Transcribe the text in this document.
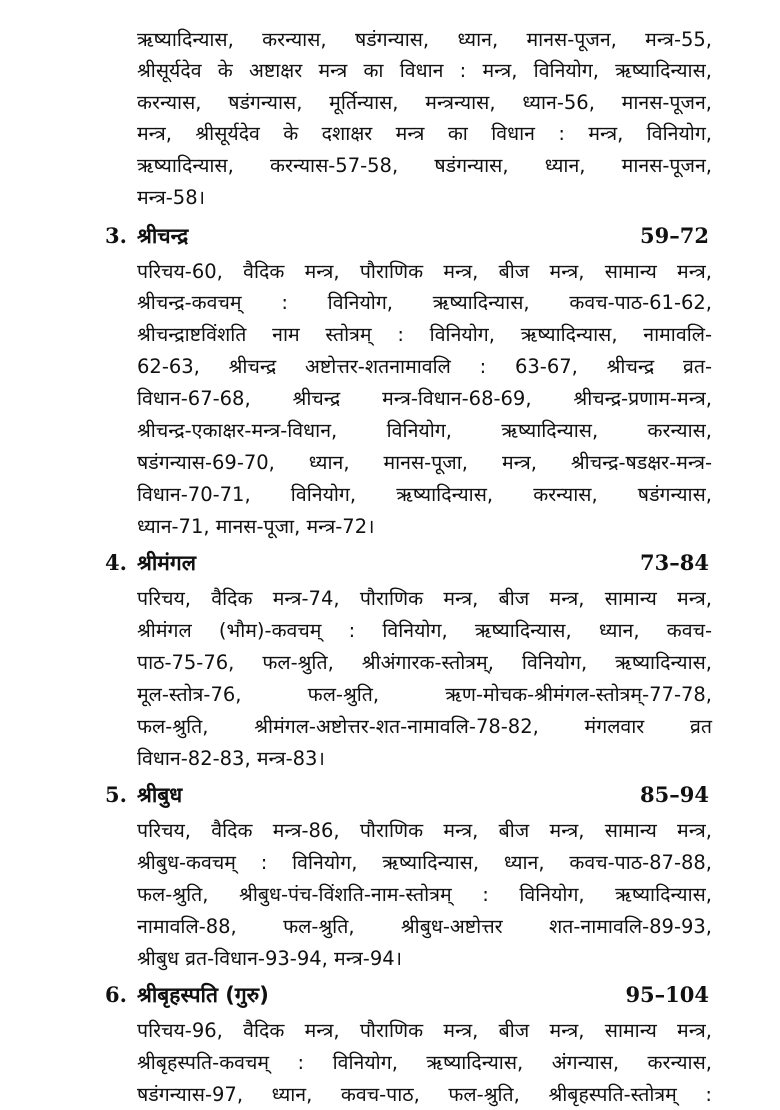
ऋष्यादिन्यास, करन्यास, षडंगन्यास, ध्यान, मानस-पूजन, मन्त्र-55,
श्रीसूर्यदेव के अष्टाक्षर मन्त्र का विधान : मन्त्र, विनियोग, ऋष्यादिन्यास,
करन्यास, षडंगन्यास, मूर्तिन्यास, मन्त्रन्यास, ध्यान-56, मानस-पूजन,
मन्त्र, श्रीसूर्यदेव के दशाक्षर मन्त्र का विधान : मन्त्र, विनियोग,
ऋष्यादिन्यास, करन्यास-57-58, षडंगन्यास, ध्यान, मानस-पूजन,
मन्त्र-58।
3. श्रीचन्द्र	59–72
परिचय-60, वैदिक मन्त्र, पौराणिक मन्त्र, बीज मन्त्र, सामान्य मन्त्र,
श्रीचन्द्र-कवचम् : विनियोग, ऋष्यादिन्यास, कवच-पाठ-61-62,
श्रीचन्द्राष्टविंशति नाम स्तोत्रम् : विनियोग, ऋष्यादिन्यास, नामावलि-
62-63, श्रीचन्द्र अष्टोत्तर-शतनामावलि : 63-67, श्रीचन्द्र व्रत-
विधान-67-68, श्रीचन्द्र मन्त्र-विधान-68-69, श्रीचन्द्र-प्रणाम-मन्त्र,
श्रीचन्द्र-एकाक्षर-मन्त्र-विधान, विनियोग, ऋष्यादिन्यास, करन्यास,
षडंगन्यास-69-70, ध्यान, मानस-पूजा, मन्त्र, श्रीचन्द्र-षडक्षर-मन्त्र-
विधान-70-71, विनियोग, ऋष्यादिन्यास, करन्यास, षडंगन्यास,
ध्यान-71, मानस-पूजा, मन्त्र-72।
4. श्रीमंगल	73–84
परिचय, वैदिक मन्त्र-74, पौराणिक मन्त्र, बीज मन्त्र, सामान्य मन्त्र,
श्रीमंगल (भौम)-कवचम् : विनियोग, ऋष्यादिन्यास, ध्यान, कवच-
पाठ-75-76, फल-श्रुति, श्रीअंगारक-स्तोत्रम्, विनियोग, ऋष्यादिन्यास,
मूल-स्तोत्र-76, फल-श्रुति, ऋण-मोचक-श्रीमंगल-स्तोत्रम्-77-78,
फल-श्रुति, श्रीमंगल-अष्टोत्तर-शत-नामावलि-78-82, मंगलवार व्रत
विधान-82-83, मन्त्र-83।
5. श्रीबुध	85–94
परिचय, वैदिक मन्त्र-86, पौराणिक मन्त्र, बीज मन्त्र, सामान्य मन्त्र,
श्रीबुध-कवचम् : विनियोग, ऋष्यादिन्यास, ध्यान, कवच-पाठ-87-88,
फल-श्रुति, श्रीबुध-पंच-विंशति-नाम-स्तोत्रम् : विनियोग, ऋष्यादिन्यास,
नामावलि-88, फल-श्रुति, श्रीबुध-अष्टोत्तर शत-नामावलि-89-93,
श्रीबुध व्रत-विधान-93-94, मन्त्र-94।
6. श्रीबृहस्पति (गुरु)	95–104
परिचय-96, वैदिक मन्त्र, पौराणिक मन्त्र, बीज मन्त्र, सामान्य मन्त्र,
श्रीबृहस्पति-कवचम् : विनियोग, ऋष्यादिन्यास, अंगन्यास, करन्यास,
षडंगन्यास-97, ध्यान, कवच-पाठ, फल-श्रुति, श्रीबृहस्पति-स्तोत्रम् :
